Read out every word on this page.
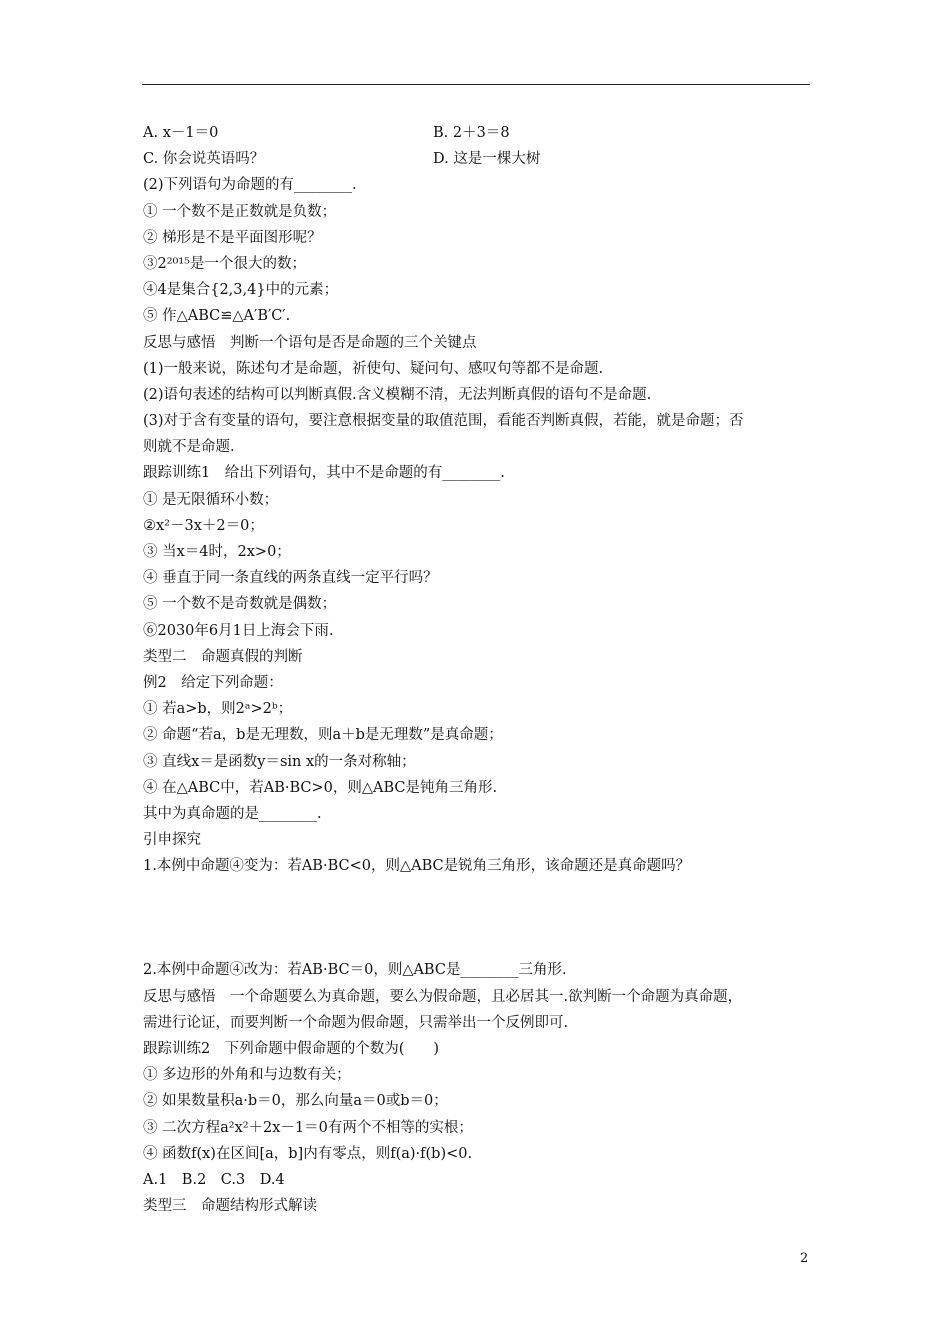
A. x－1＝0	B. 2＋3＝8
C. 你会说英语吗？	D. 这是一棵大树
(2)下列语句为命题的有________.
① 一个数不是正数就是负数；
② 梯形是不是平面图形呢？
③2²⁰¹⁵是一个很大的数；
④4是集合{2,3,4}中的元素；
⑤ 作△ABC≌△A′B′C′.
反思与感悟　判断一个语句是否是命题的三个关键点
(1)一般来说，陈述句才是命题，祈使句、疑问句、感叹句等都不是命题.
(2)语句表述的结构可以判断真假.含义模糊不清，无法判断真假的语句不是命题.
(3)对于含有变量的语句，要注意根据变量的取值范围，看能否判断真假，若能，就是命题；否
则就不是命题.
跟踪训练1　给出下列语句，其中不是命题的有________.
① 是无限循环小数；
②x²－3x＋2＝0；
③ 当x＝4时，2x>0；
④ 垂直于同一条直线的两条直线一定平行吗？
⑤ 一个数不是奇数就是偶数；
⑥2030年6月1日上海会下雨.
类型二　命题真假的判断
例2　给定下列命题：
① 若a>b，则2ᵃ>2ᵇ；
② 命题“若a，b是无理数，则a＋b是无理数”是真命题；
③ 直线x＝是函数y＝sin x的一条对称轴；
④ 在△ABC中，若AB·BC>0，则△ABC是钝角三角形.
其中为真命题的是________.
引申探究
1.本例中命题④变为：若AB·BC<0，则△ABC是锐角三角形，该命题还是真命题吗？
2.本例中命题④改为：若AB·BC＝0，则△ABC是________三角形.
反思与感悟　一个命题要么为真命题，要么为假命题，且必居其一.欲判断一个命题为真命题，
需进行论证，而要判断一个命题为假命题，只需举出一个反例即可.
跟踪训练2　下列命题中假命题的个数为(　　)
① 多边形的外角和与边数有关；
② 如果数量积a·b＝0，那么向量a＝0或b＝0；
③ 二次方程a²x²＋2x－1＝0有两个不相等的实根；
④ 函数f(x)在区间[a，b]内有零点，则f(a)·f(b)<0.
A.1　B.2　C.3　D.4
类型三　命题结构形式解读
2
